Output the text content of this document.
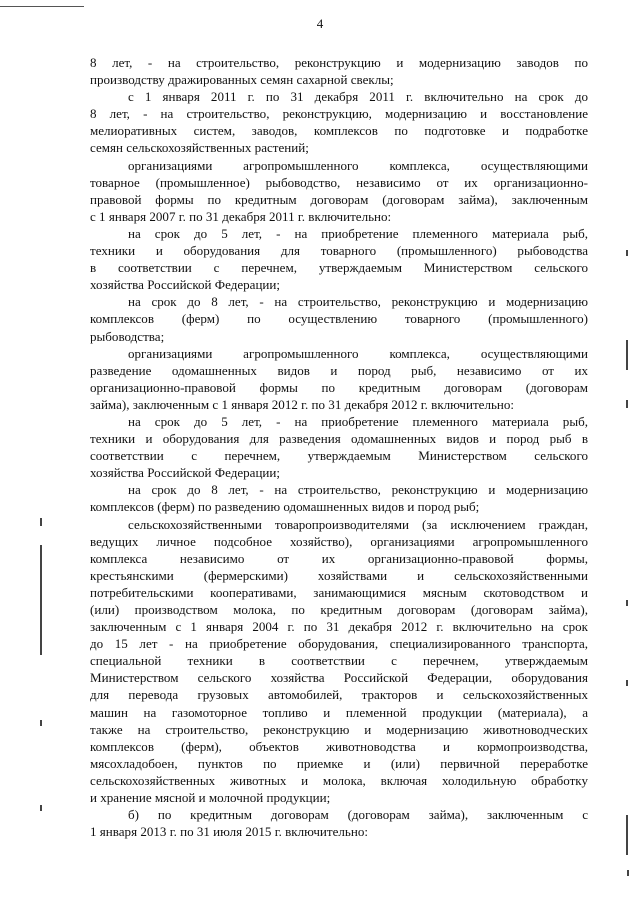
4
8 лет, - на строительство, реконструкцию и модернизацию заводов по
производству дражированных семян сахарной свеклы;
с 1 января 2011 г. по 31 декабря 2011 г. включительно на срок до
8 лет, - на строительство, реконструкцию, модернизацию и восстановление
мелиоративных систем, заводов, комплексов по подготовке и подработке
семян сельскохозяйственных растений;
организациями агропромышленного комплекса, осуществляющими
товарное (промышленное) рыбоводство, независимо от их организационно-
правовой формы по кредитным договорам (договорам займа), заключенным
с 1 января 2007 г. по 31 декабря 2011 г. включительно:
на срок до 5 лет, - на приобретение племенного материала рыб,
техники и оборудования для товарного (промышленного) рыбоводства
в соответствии с перечнем, утверждаемым Министерством сельского
хозяйства Российской Федерации;
на срок до 8 лет, - на строительство, реконструкцию и модернизацию
комплексов (ферм) по осуществлению товарного (промышленного)
рыбоводства;
организациями агропромышленного комплекса, осуществляющими
разведение одомашненных видов и пород рыб, независимо от их
организационно-правовой формы по кредитным договорам (договорам
займа), заключенным с 1 января 2012 г. по 31 декабря 2012 г. включительно:
на срок до 5 лет, - на приобретение племенного материала рыб,
техники и оборудования для разведения одомашненных видов и пород рыб в
соответствии с перечнем, утверждаемым Министерством сельского
хозяйства Российской Федерации;
на срок до 8 лет, - на строительство, реконструкцию и модернизацию
комплексов (ферм) по разведению одомашненных видов и пород рыб;
сельскохозяйственными товаропроизводителями (за исключением граждан,
ведущих личное подсобное хозяйство), организациями агропромышленного
комплекса независимо от их организационно-правовой формы,
крестьянскими (фермерскими) хозяйствами и сельскохозяйственными
потребительскими кооперативами, занимающимися мясным скотоводством и
(или) производством молока, по кредитным договорам (договорам займа),
заключенным с 1 января 2004 г. по 31 декабря 2012 г. включительно на срок
до 15 лет - на приобретение оборудования, специализированного транспорта,
специальной техники в соответствии с перечнем, утверждаемым
Министерством сельского хозяйства Российской Федерации, оборудования
для перевода грузовых автомобилей, тракторов и сельскохозяйственных
машин на газомоторное топливо и племенной продукции (материала), а
также на строительство, реконструкцию и модернизацию животноводческих
комплексов (ферм), объектов животноводства и кормопроизводства,
мясохладобоен, пунктов по приемке и (или) первичной переработке
сельскохозяйственных животных и молока, включая холодильную обработку
и хранение мясной и молочной продукции;
б) по кредитным договорам (договорам займа), заключенным с
1 января 2013 г. по 31 июля 2015 г. включительно:
